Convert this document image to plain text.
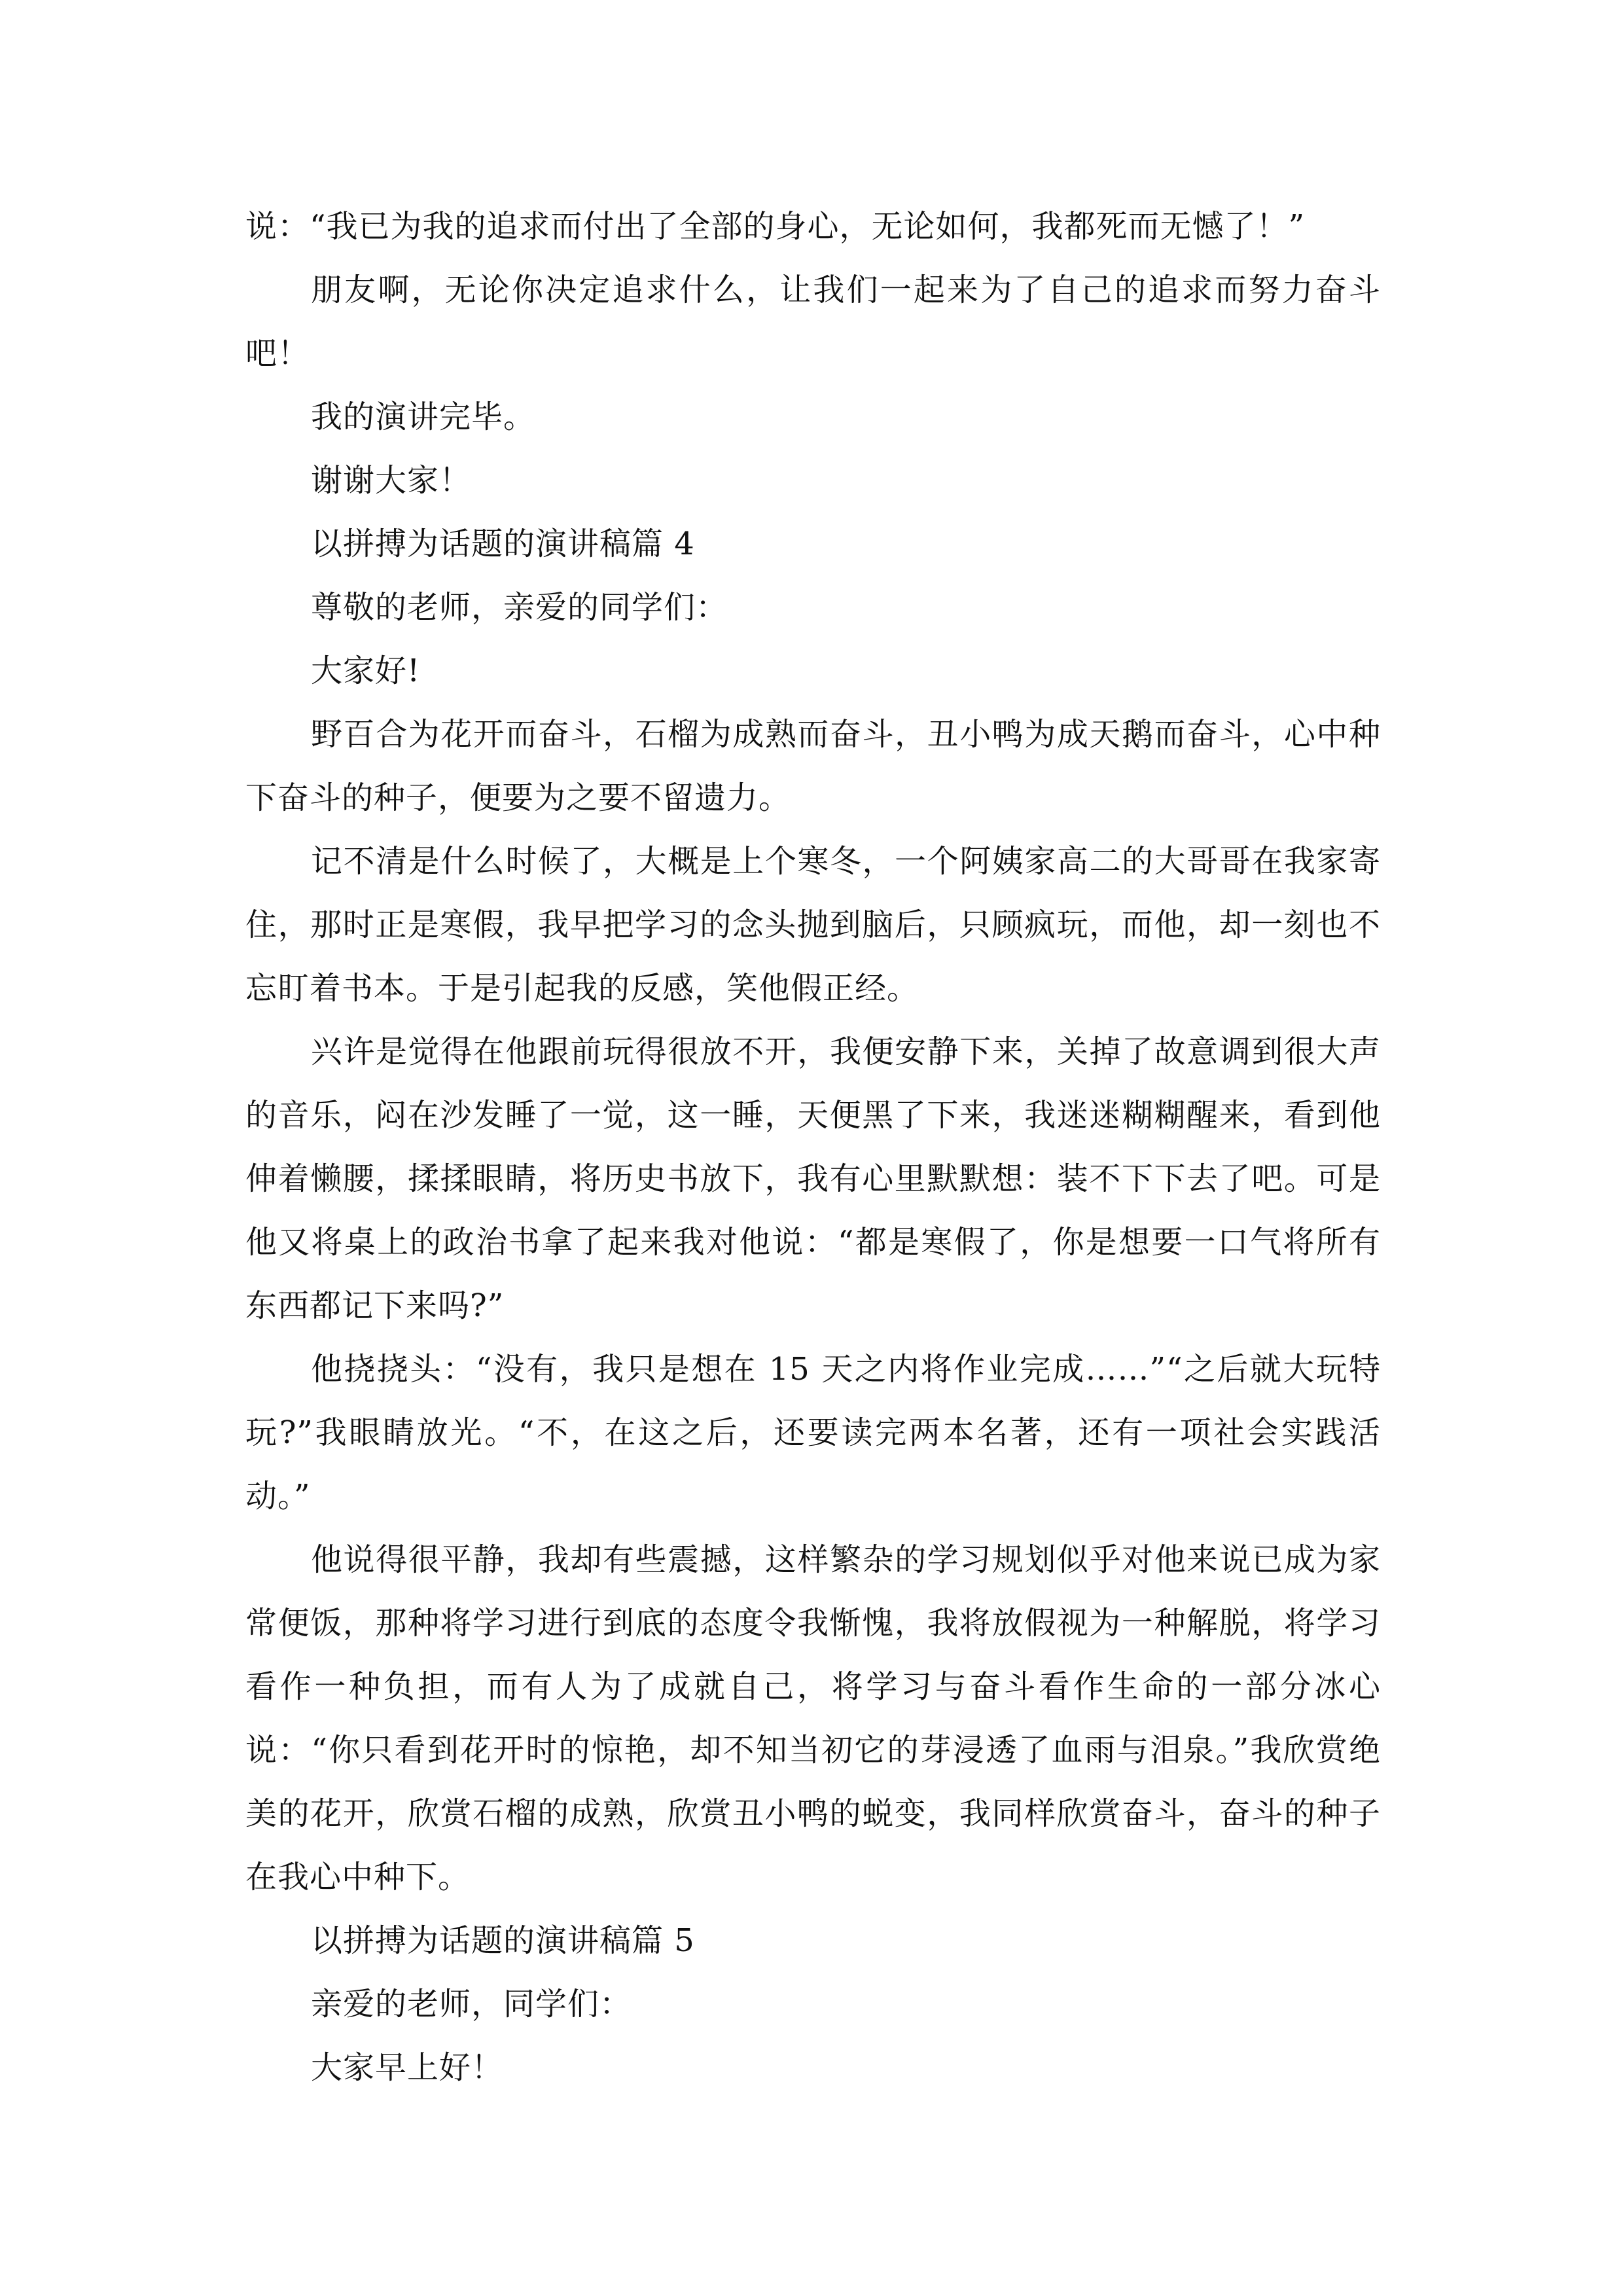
说：“我已为我的追求而付出了全部的身心，无论如何，我都死而无憾了！”

朋友啊，无论你决定追求什么，让我们一起来为了自己的追求而努力奋斗吧！

我的演讲完毕。

谢谢大家！

以拼搏为话题的演讲稿篇 4

尊敬的老师，亲爱的同学们：

大家好!

野百合为花开而奋斗，石榴为成熟而奋斗，丑小鸭为成天鹅而奋斗，心中种下奋斗的种子，便要为之要不留遗力。

记不清是什么时候了，大概是上个寒冬，一个阿姨家高二的大哥哥在我家寄住，那时正是寒假，我早把学习的念头抛到脑后，只顾疯玩，而他，却一刻也不忘盯着书本。于是引起我的反感，笑他假正经。

兴许是觉得在他跟前玩得很放不开，我便安静下来，关掉了故意调到很大声的音乐，闷在沙发睡了一觉，这一睡，天便黑了下来，我迷迷糊糊醒来，看到他伸着懒腰，揉揉眼睛，将历史书放下，我有心里默默想：装不下下去了吧。可是他又将桌上的政治书拿了起来我对他说：“都是寒假了，你是想要一口气将所有东西都记下来吗?”

他挠挠头：“没有，我只是想在 15 天之内将作业完成……”“之后就大玩特玩?”我眼睛放光。“不，在这之后，还要读完两本名著，还有一项社会实践活动。”

他说得很平静，我却有些震撼，这样繁杂的学习规划似乎对他来说已成为家常便饭，那种将学习进行到底的态度令我惭愧，我将放假视为一种解脱，将学习看作一种负担，而有人为了成就自己，将学习与奋斗看作生命的一部分冰心说：“你只看到花开时的惊艳，却不知当初它的芽浸透了血雨与泪泉。”我欣赏绝美的花开，欣赏石榴的成熟，欣赏丑小鸭的蜕变，我同样欣赏奋斗，奋斗的种子在我心中种下。

以拼搏为话题的演讲稿篇 5

亲爱的老师，同学们：

大家早上好！
